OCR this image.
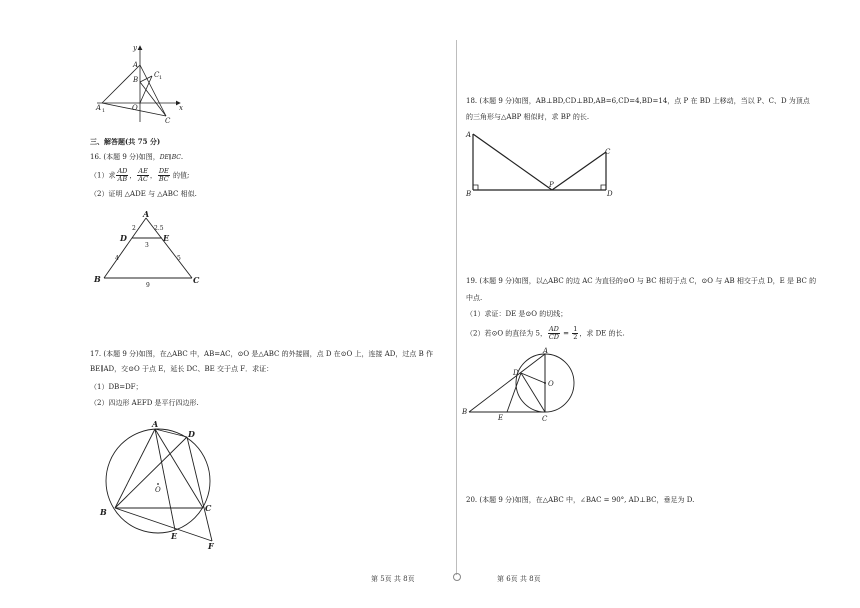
y
x
A
B
C 1
A 1	O
C
三、解答题(共 75 分)
16. (本题 9 分)如图，DE∥BC.
（1）求 $\frac{AD}{AB}$ ， $\frac{AE}{AC}$ ， $\frac{DE}{BC}$ 的值;
（2）证明 △ADE 与 △ABC 相似.
A
D	E
B	C
2	2.5
3
4	5
9
17. (本题 9 分)如图，在△ABC 中，AB=AC，⊙O 是△ABC 的外接圆，点 D 在⊙O 上，连接 AD，过点 B 作
BE∥AD，交⊙O 于点 E，延长 DC、BE 交于点 F．求证：
（1）DB=DF；
（2）四边形 AEFD 是平行四边形.
A
D
O
B	C
E
F
18. (本题 9 分)如图，AB⊥BD,CD⊥BD,AB=6,CD=4,BD=14，点 P 在 BD 上移动，当以 P、C、D 为顶点
的三角形与△ABP 相似时，求 BP 的长.
A
C
B
P
D
19. (本题 9 分)如图，以△ABC 的边 AC 为直径的⊙O 与 BC 相切于点 C，⊙O 与 AB 相交于点 D，E 是 BC 的
中点.
（1）求证：DE 是⊙O 的切线；
（2）若⊙O 的直径为 5， $\frac{AD}{CD} = \frac{1}{2}$ ，求 DE 的长.
A
D
O
B
E	C
20. (本题 9 分)如图，在△ABC 中，∠BAC = 90°, AD⊥BC，垂足为 D.
第 5页 共 8页	第 6页 共 8页
